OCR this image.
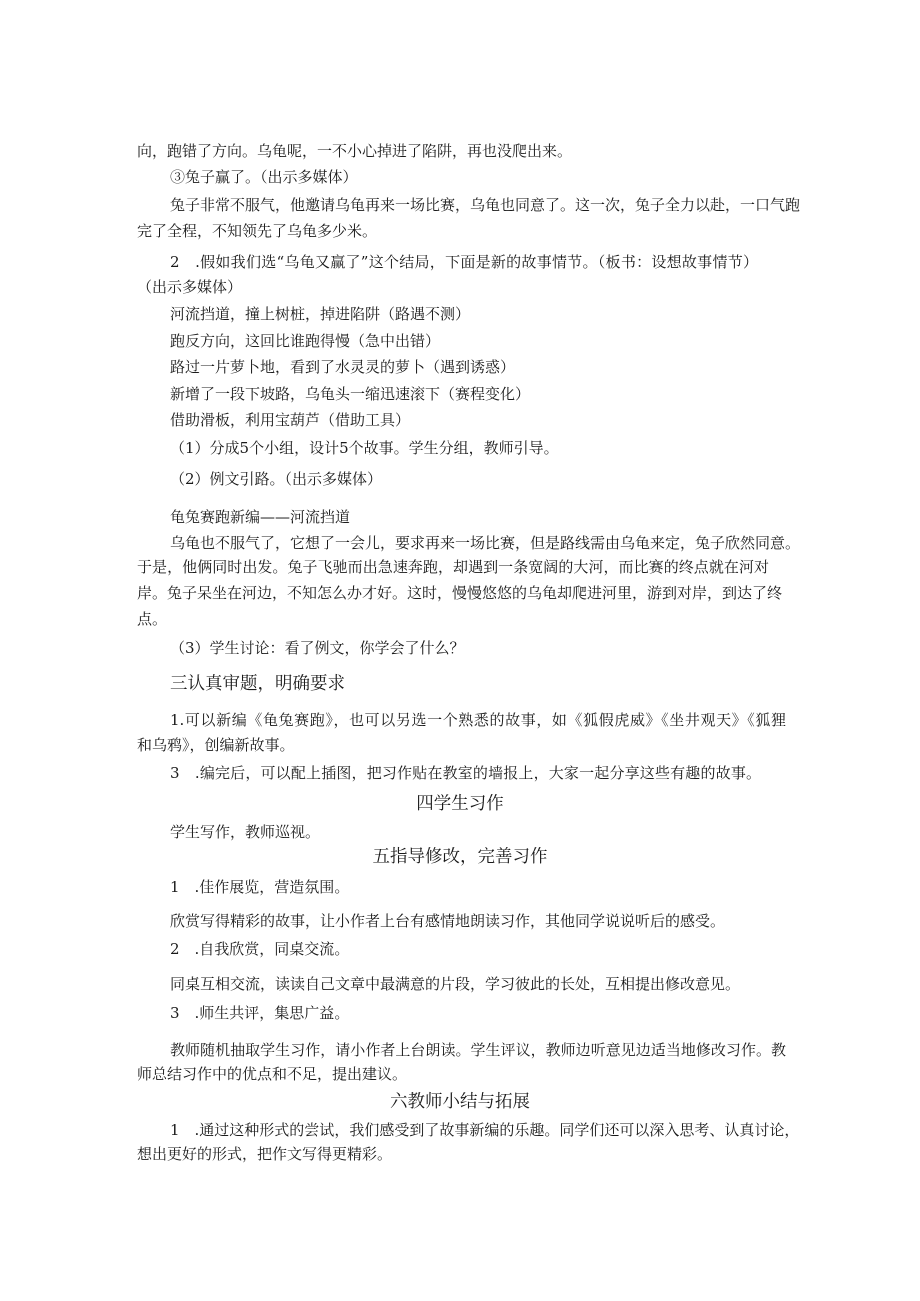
向，跑错了方向。乌龟呢，一不小心掉进了陷阱，再也没爬出来。
③兔子赢了。（出示多媒体）
兔子非常不服气，他邀请乌龟再来一场比赛，乌龟也同意了。这一次，兔子全力以赴，一口气跑
完了全程，不知领先了乌龟多少米。
2　.假如我们选“乌龟又赢了”这个结局，下面是新的故事情节。（板书：设想故事情节）
（出示多媒体）
河流挡道，撞上树桩，掉进陷阱（路遇不测）
跑反方向，这回比谁跑得慢（急中出错）
路过一片萝卜地，看到了水灵灵的萝卜（遇到诱惑）
新增了一段下坡路，乌龟头一缩迅速滚下（赛程变化）
借助滑板，利用宝葫芦（借助工具）
（1）分成5个小组，设计5个故事。学生分组，教师引导。
（2）例文引路。（出示多媒体）
龟兔赛跑新编——河流挡道
乌龟也不服气了，它想了一会儿，要求再来一场比赛，但是路线需由乌龟来定，兔子欣然同意。
于是，他俩同时出发。兔子飞驰而出急速奔跑，却遇到一条宽阔的大河，而比赛的终点就在河对
岸。兔子呆坐在河边，不知怎么办才好。这时，慢慢悠悠的乌龟却爬进河里，游到对岸，到达了终
点。
（3）学生讨论：看了例文，你学会了什么？
三认真审题，明确要求
1.可以新编《龟兔赛跑》，也可以另选一个熟悉的故事，如《狐假虎威》《坐井观天》《狐狸
和乌鸦》，创编新故事。
3　.编完后，可以配上插图，把习作贴在教室的墙报上，大家一起分享这些有趣的故事。
四学生习作
学生写作，教师巡视。
五指导修改，完善习作
1　.佳作展览，营造氛围。
欣赏写得精彩的故事，让小作者上台有感情地朗读习作，其他同学说说听后的感受。
2　.自我欣赏，同桌交流。
同桌互相交流，读读自己文章中最满意的片段，学习彼此的长处，互相提出修改意见。
3　.师生共评，集思广益。
教师随机抽取学生习作，请小作者上台朗读。学生评议，教师边听意见边适当地修改习作。教
师总结习作中的优点和不足，提出建议。
六教师小结与拓展
1　.通过这种形式的尝试，我们感受到了故事新编的乐趣。同学们还可以深入思考、认真讨论，
想出更好的形式，把作文写得更精彩。
